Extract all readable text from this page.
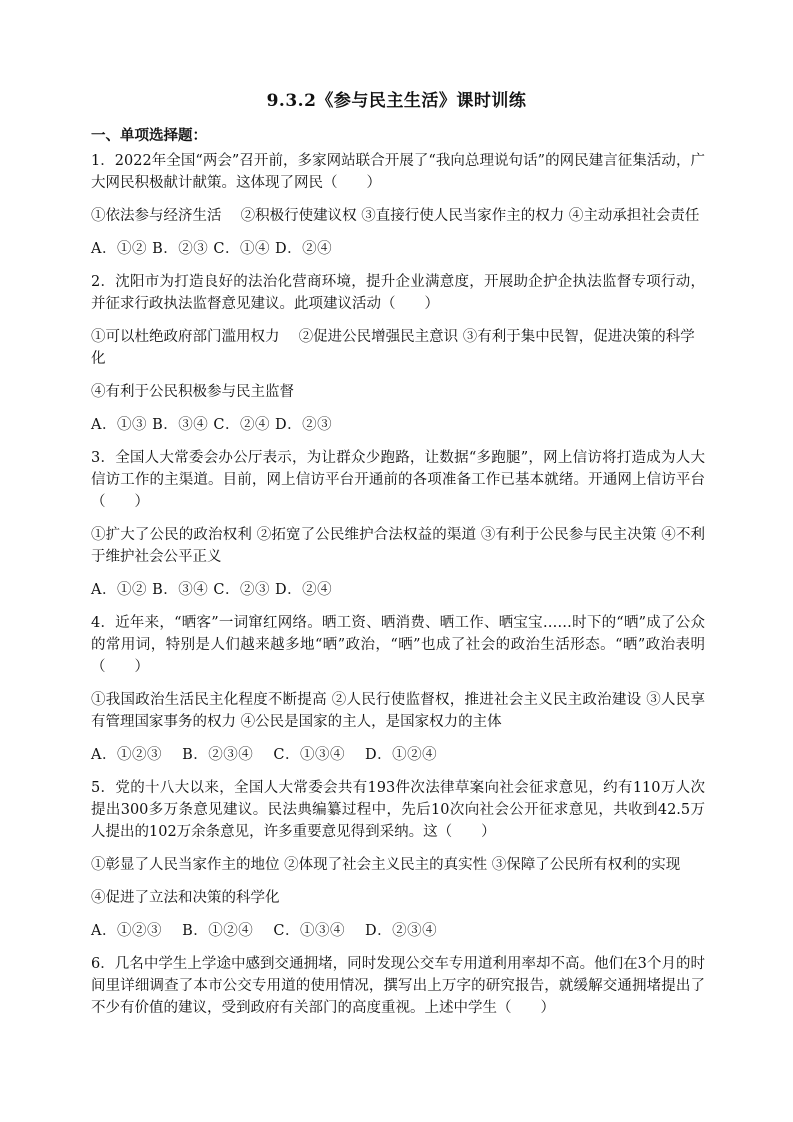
9.3.2《参与民主生活》课时训练
一、单项选择题：
1．2022年全国“两会”召开前，多家网站联合开展了“我向总理说句话”的网民建言征集活动，广大网民积极献计献策。这体现了网民（　　）
①依法参与经济生活　 ②积极行使建议权 ③直接行使人民当家作主的权力 ④主动承担社会责任
A．①② B．②③ C．①④ D．②④
2．沈阳市为打造良好的法治化营商环境，提升企业满意度，开展助企护企执法监督专项行动，并征求行政执法监督意见建议。此项建议活动（　　）
①可以杜绝政府部门滥用权力　 ②促进公民增强民主意识 ③有利于集中民智，促进决策的科学化
④有利于公民积极参与民主监督
A．①③ B．③④ C．②④ D．②③
3．全国人大常委会办公厅表示，为让群众少跑路，让数据“多跑腿”，网上信访将打造成为人大信访工作的主渠道。目前，网上信访平台开通前的各项准备工作已基本就绪。开通网上信访平台（　　）
①扩大了公民的政治权利 ②拓宽了公民维护合法权益的渠道 ③有利于公民参与民主决策 ④不利于维护社会公平正义
A．①② B．③④ C．②③ D．②④
4．近年来，“晒客”一词窜红网络。晒工资、晒消费、晒工作、晒宝宝……时下的“晒”成了公众的常用词，特别是人们越来越多地“晒”政治，“晒”也成了社会的政治生活形态。“晒”政治表明（　　）
①我国政治生活民主化程度不断提高 ②人民行使监督权，推进社会主义民主政治建设 ③人民享有管理国家事务的权力 ④公民是国家的主人，是国家权力的主体
A．①②③　 B．②③④　 C．①③④　 D．①②④
5．党的十八大以来，全国人大常委会共有193件次法律草案向社会征求意见，约有110万人次提出300多万条意见建议。民法典编纂过程中，先后10次向社会公开征求意见，共收到42.5万人提出的102万余条意见，许多重要意见得到采纳。这（　　）
①彰显了人民当家作主的地位 ②体现了社会主义民主的真实性 ③保障了公民所有权利的实现
④促进了立法和决策的科学化
A．①②③　 B．①②④　 C．①③④　 D．②③④
6．几名中学生上学途中感到交通拥堵，同时发现公交车专用道利用率却不高。他们在3个月的时间里详细调查了本市公交专用道的使用情况，撰写出上万字的研究报告，就缓解交通拥堵提出了不少有价值的建议，受到政府有关部门的高度重视。上述中学生（　　）
